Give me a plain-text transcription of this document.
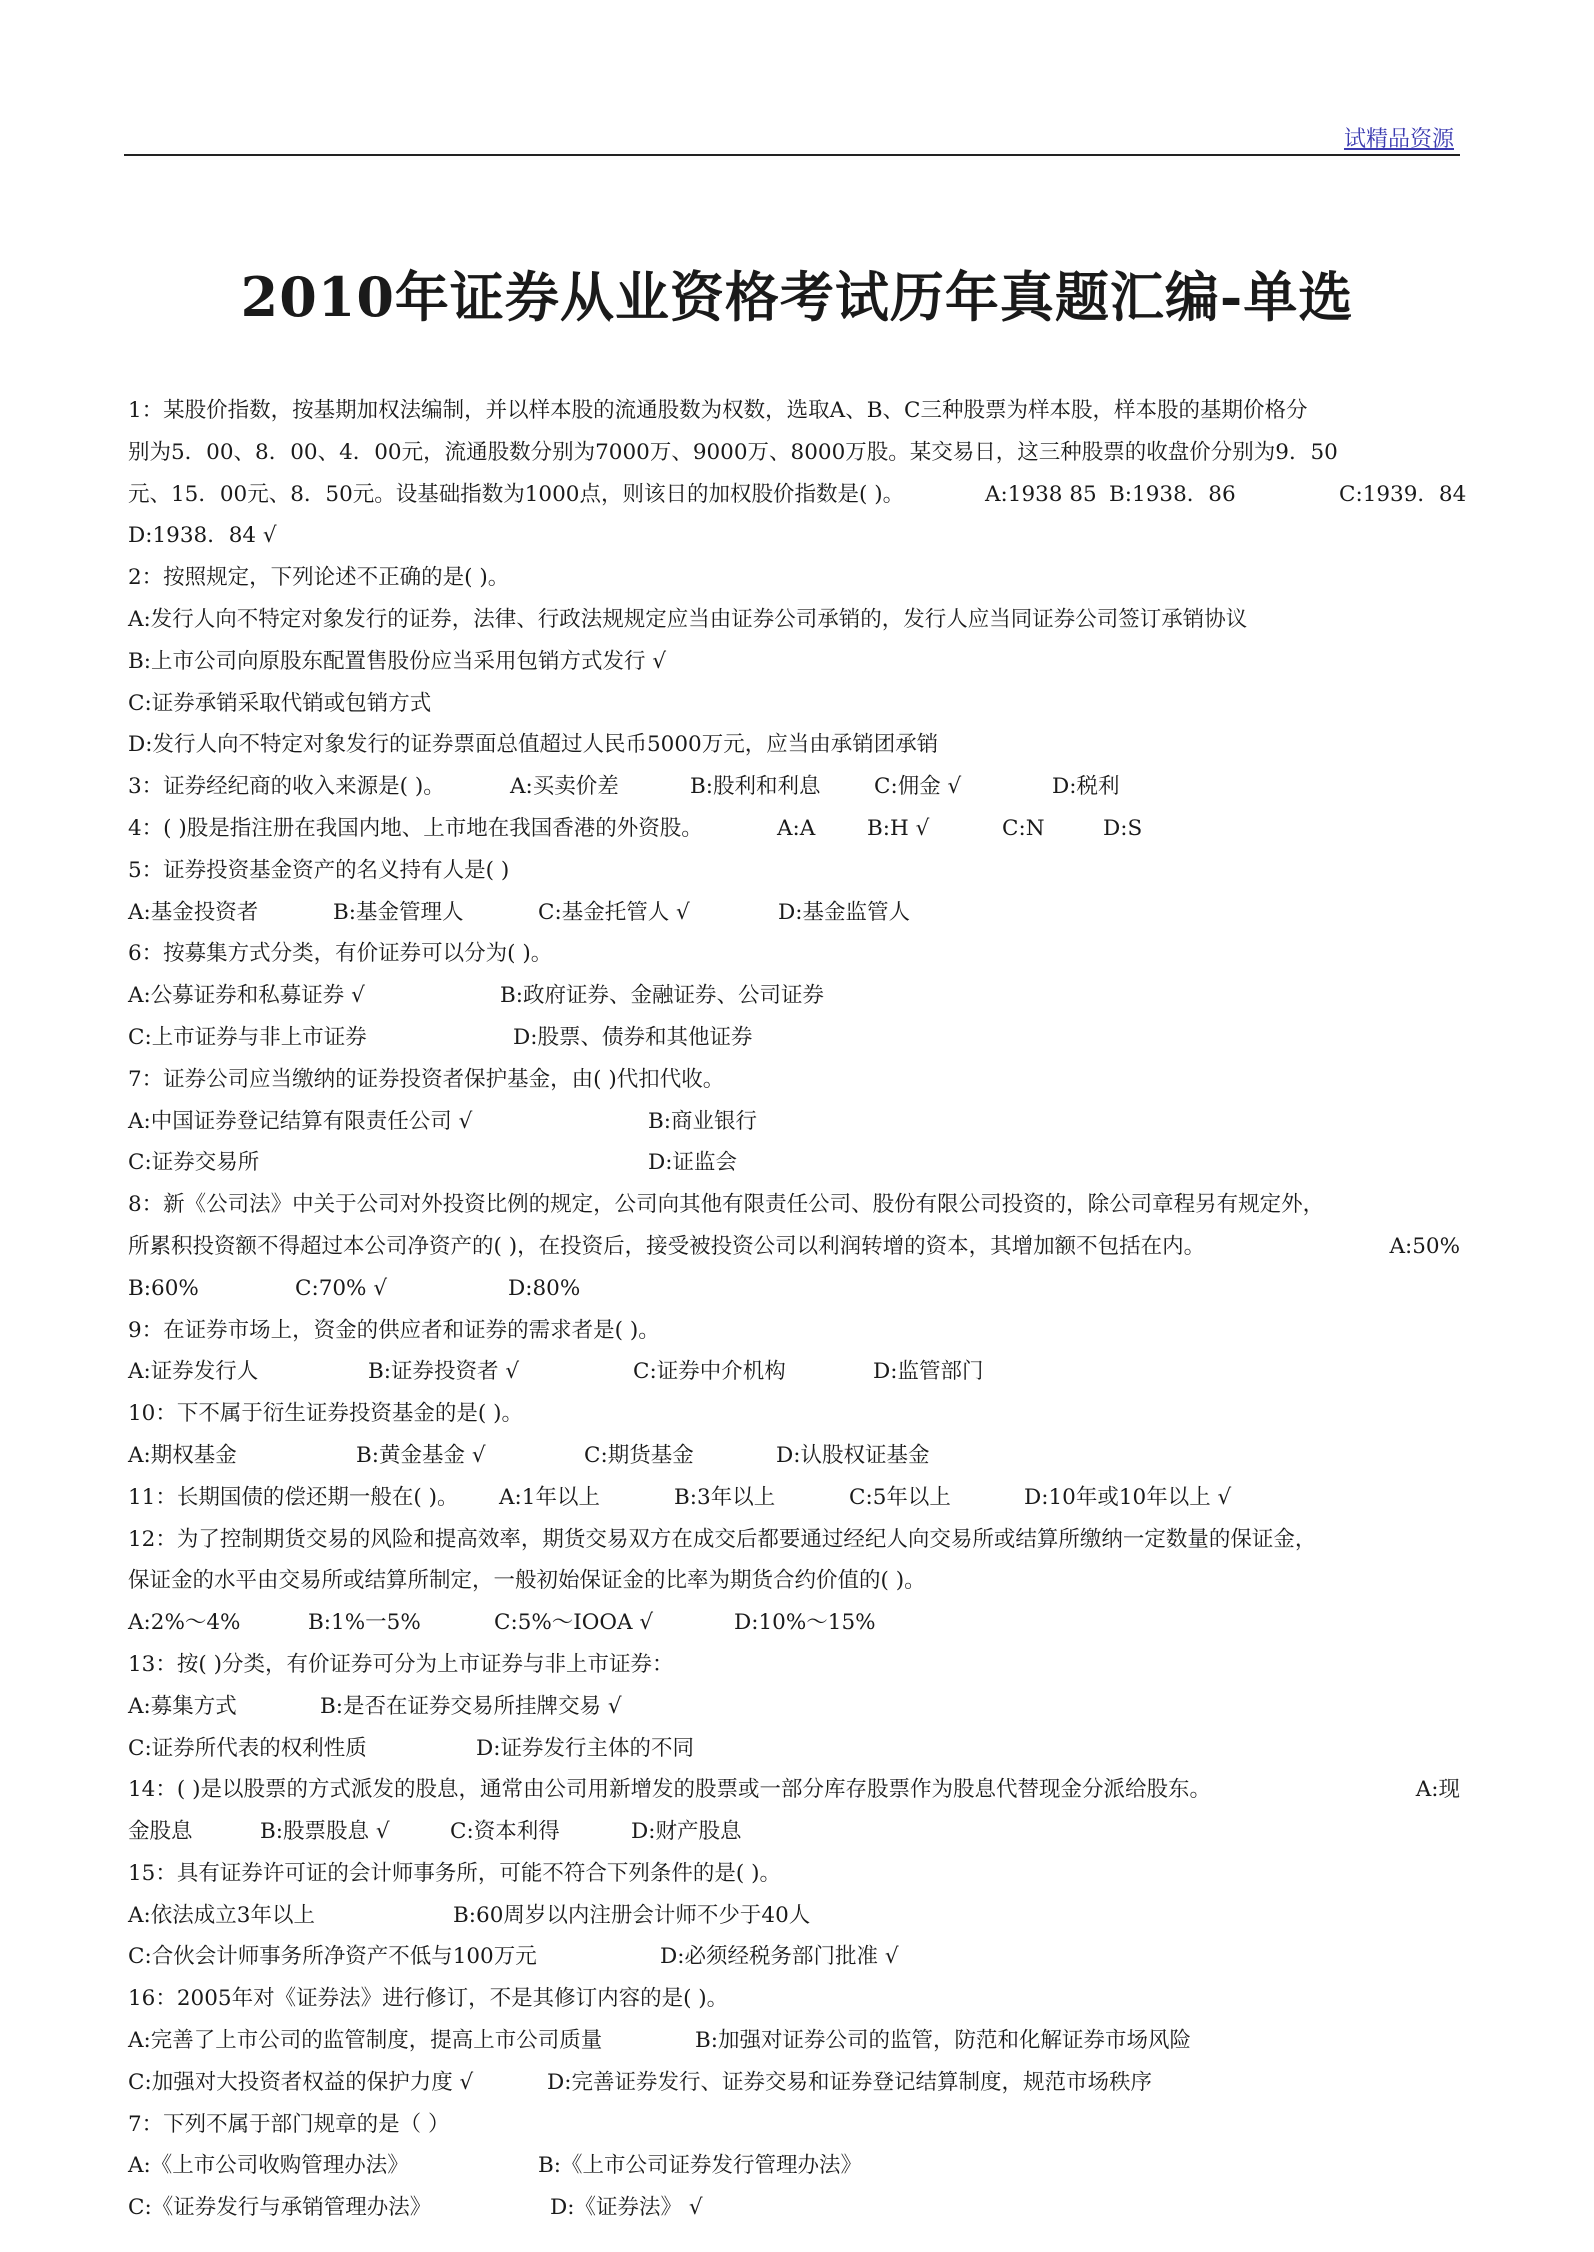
试精品资源
2010年证券从业资格考试历年真题汇编-单选
1：某股价指数，按基期加权法编制，并以样本股的流通股数为权数，选取A、B、C三种股票为样本股，样本股的基期价格分
别为5．00、8．00、4．00元，流通股数分别为7000万、9000万、8000万股。某交易日，这三种股票的收盘价分别为9．50
元、15．00元、8．50元。设基础指数为1000点，则该日的加权股价指数是( )。	A:1938 85 B:1938．86	C:1939．84
D:1938．84 √
2：按照规定，下列论述不正确的是( )。
A:发行人向不特定对象发行的证券，法律、行政法规规定应当由证券公司承销的，发行人应当同证券公司签订承销协议
B:上市公司向原股东配置售股份应当采用包销方式发行 √
C:证券承销采取代销或包销方式
D:发行人向不特定对象发行的证券票面总值超过人民币5000万元，应当由承销团承销
3：证券经纪商的收入来源是( )。	A:买卖价差	B:股利和利息	C:佣金 √	D:税利
4：( )股是指注册在我国内地、上市地在我国香港的外资股。	A:A	B:H √	C:N	D:S
5：证券投资基金资产的名义持有人是( )
A:基金投资者	B:基金管理人	C:基金托管人 √	D:基金监管人
6：按募集方式分类，有价证券可以分为( )。
A:公募证券和私募证券 √	B:政府证券、金融证券、公司证券
C:上市证券与非上市证券	D:股票、债券和其他证券
7：证券公司应当缴纳的证券投资者保护基金，由( )代扣代收。
A:中国证券登记结算有限责任公司 √	B:商业银行
C:证券交易所	D:证监会
8：新《公司法》中关于公司对外投资比例的规定，公司向其他有限责任公司、股份有限公司投资的，除公司章程另有规定外，
所累积投资额不得超过本公司净资产的( )，在投资后，接受被投资公司以利润转增的资本，其增加额不包括在内。	A:50%
B:60%	C:70% √	D:80%
9：在证券市场上，资金的供应者和证券的需求者是( )。
A:证券发行人	B:证券投资者 √	C:证券中介机构	D:监管部门
10：下不属于衍生证券投资基金的是( )。
A:期权基金	B:黄金基金 √	C:期货基金	D:认股权证基金
11：长期国债的偿还期一般在( )。	A:1年以上	B:3年以上	C:5年以上	D:10年或10年以上 √
12：为了控制期货交易的风险和提高效率，期货交易双方在成交后都要通过经纪人向交易所或结算所缴纳一定数量的保证金，
保证金的水平由交易所或结算所制定，一般初始保证金的比率为期货合约价值的( )。
A:2%～4%	B:1%一5%	C:5%～IOOA √	D:10%～15%
13：按( )分类，有价证券可分为上市证券与非上市证券：
A:募集方式	B:是否在证券交易所挂牌交易 √
C:证券所代表的权利性质	D:证券发行主体的不同
14：( )是以股票的方式派发的股息，通常由公司用新增发的股票或一部分库存股票作为股息代替现金分派给股东。	A:现
金股息	B:股票股息 √	C:资本利得	D:财产股息
15：具有证券许可证的会计师事务所，可能不符合下列条件的是( )。
A:依法成立3年以上	B:60周岁以内注册会计师不少于40人
C:合伙会计师事务所净资产不低与100万元	D:必须经税务部门批准 √
16：2005年对《证券法》进行修订，不是其修订内容的是( )。
A:完善了上市公司的监管制度，提高上市公司质量	B:加强对证券公司的监管，防范和化解证券市场风险
C:加强对大投资者权益的保护力度 √	D:完善证券发行、证券交易和证券登记结算制度，规范市场秩序
7：下列不属于部门规章的是（ ）
A:《上市公司收购管理办法》	B:《上市公司证券发行管理办法》
C:《证券发行与承销管理办法》	D:《证券法》 √
